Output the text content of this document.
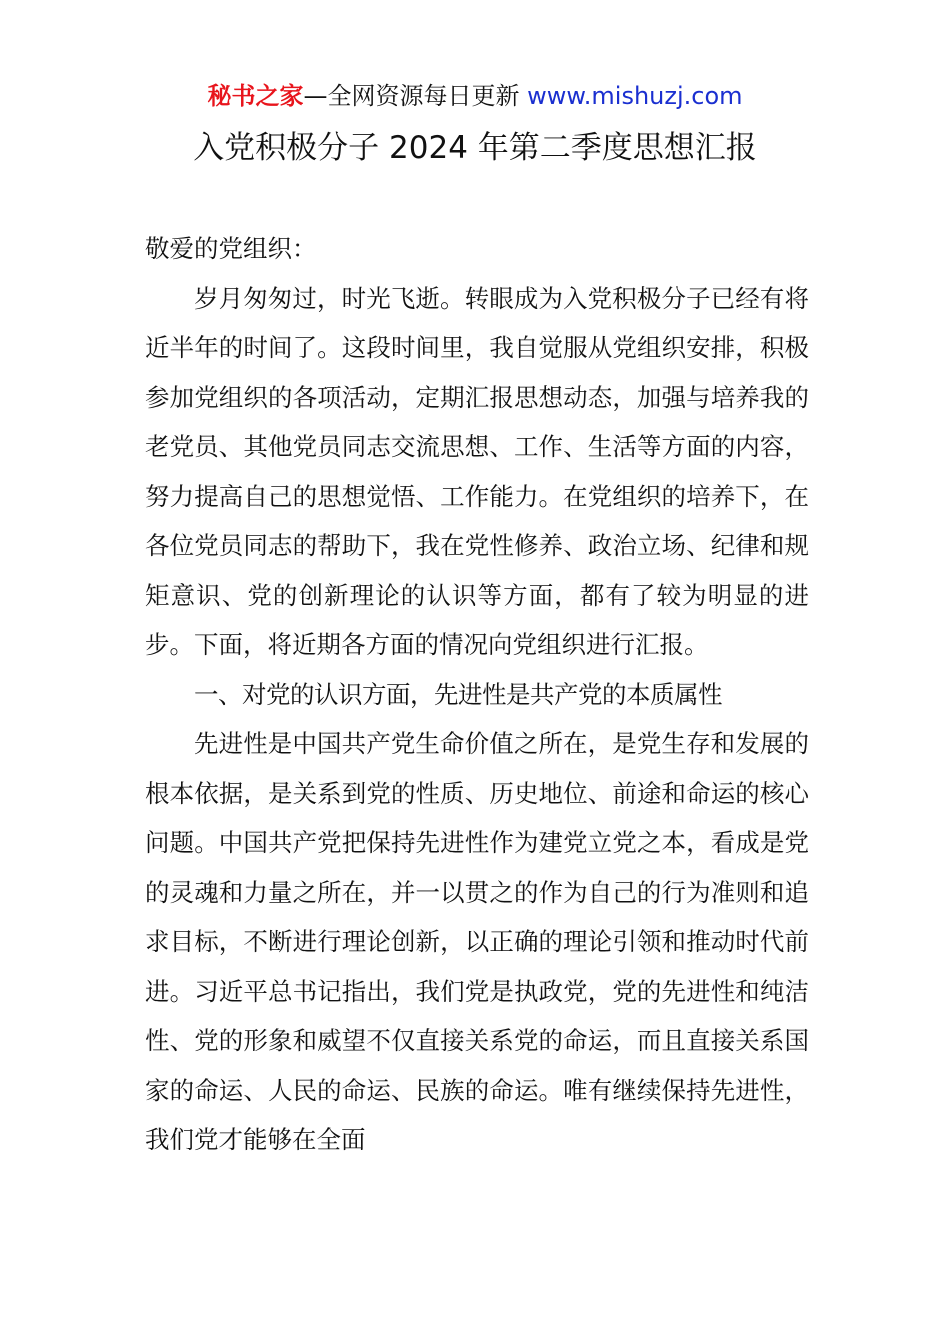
秘书之家—全网资源每日更新 www.mishuzj.com
入党积极分子 2024 年第二季度思想汇报

敬爱的党组织：

岁月匆匆过，时光飞逝。转眼成为入党积极分子已经有将近半年的时间了。这段时间里，我自觉服从党组织安排，积极参加党组织的各项活动，定期汇报思想动态，加强与培养我的老党员、其他党员同志交流思想、工作、生活等方面的内容，努力提高自己的思想觉悟、工作能力。在党组织的培养下，在各位党员同志的帮助下，我在党性修养、政治立场、纪律和规矩意识、党的创新理论的认识等方面，都有了较为明显的进步。下面，将近期各方面的情况向党组织进行汇报。

一、对党的认识方面，先进性是共产党的本质属性

先进性是中国共产党生命价值之所在，是党生存和发展的根本依据，是关系到党的性质、历史地位、前途和命运的核心问题。中国共产党把保持先进性作为建党立党之本，看成是党的灵魂和力量之所在，并一以贯之的作为自己的行为准则和追求目标，不断进行理论创新，以正确的理论引领和推动时代前进。习近平总书记指出，我们党是执政党，党的先进性和纯洁性、党的形象和威望不仅直接关系党的命运，而且直接关系国家的命运、人民的命运、民族的命运。唯有继续保持先进性，我们党才能够在全面
